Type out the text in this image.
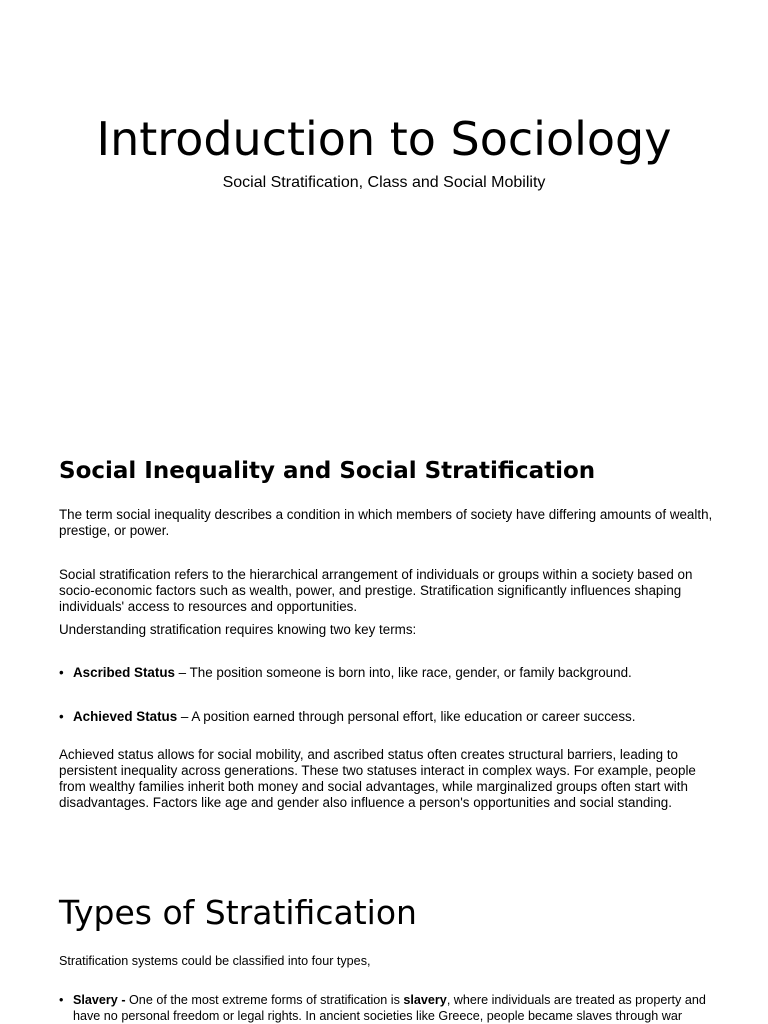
Introduction to Sociology

Social Stratification, Class and Social Mobility

Social Inequality and Social Stratification

The term social inequality describes a condition in which members of society have differing amounts of wealth, prestige, or power.

Social stratification refers to the hierarchical arrangement of individuals or groups within a society based on socio-economic factors such as wealth, power, and prestige. Stratification significantly influences shaping individuals' access to resources and opportunities.

Understanding stratification requires knowing two key terms:

• Ascribed Status – The position someone is born into, like race, gender, or family background.
• Achieved Status – A position earned through personal effort, like education or career success.

Achieved status allows for social mobility, and ascribed status often creates structural barriers, leading to persistent inequality across generations. These two statuses interact in complex ways. For example, people from wealthy families inherit both money and social advantages, while marginalized groups often start with disadvantages. Factors like age and gender also influence a person's opportunities and social standing.

Types of Stratification

Stratification systems could be classified into four types,

• Slavery - One of the most extreme forms of stratification is slavery, where individuals are treated as property and have no personal freedom or legal rights. In ancient societies like Greece, people became slaves through war
